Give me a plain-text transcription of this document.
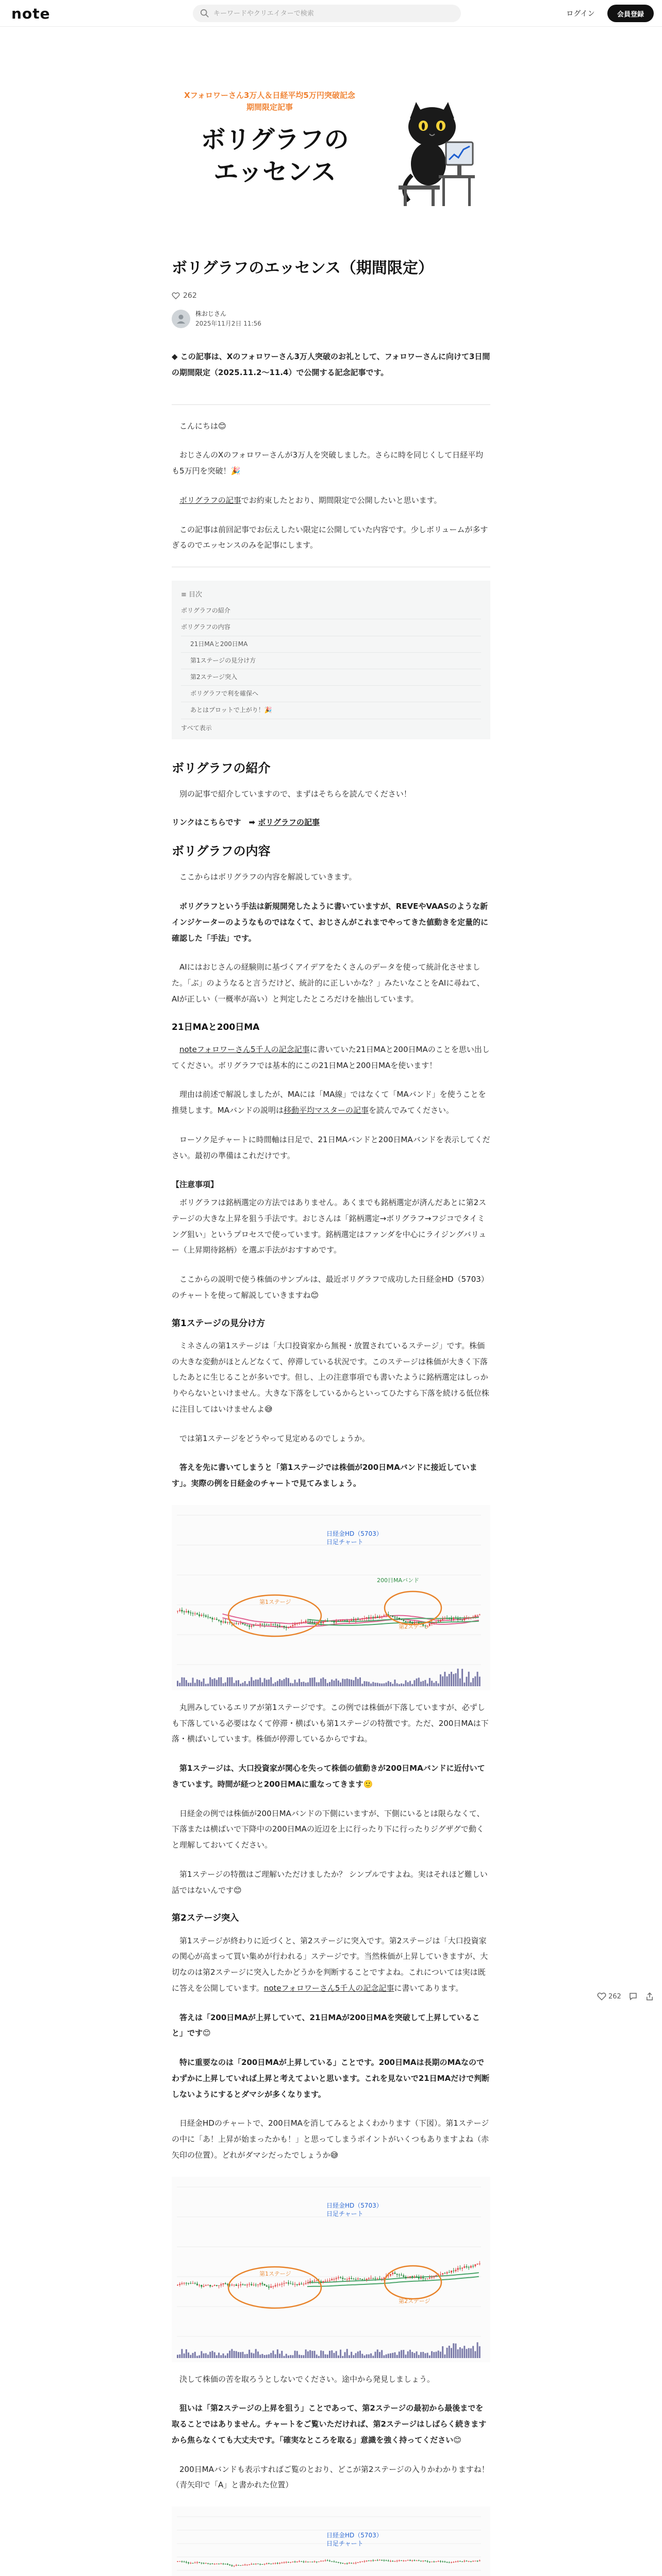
note
キーワードやクリエイターで検索	ログイン	会員登録
Xフォロワーさん3万人＆日経平均5万円突破記念
期間限定記事
ボリグラフの
エッセンス
ボリグラフのエッセンス（期間限定）
262
株おじさん
2025年11月2日 11:56

◆ この記事は、Xのフォロワーさん3万人突破のお礼として、フォロワーさんに向けて3日間の期間限定（2025.11.2〜11.4）で公開する記念記事です。

こんにちは😊

おじさんのXのフォロワーさんが3万人を突破しました。さらに時を同じくして日経平均も5万円を突破！🎉

ボリグラフの記事でお約束したとおり、期間限定で公開したいと思います。

この記事は前回記事でお伝えしたい限定に公開していた内容です。少しボリュームが多すぎるのでエッセンスのみを記事にします。

≡ 目次
ボリグラフの紹介
ボリグラフの内容
21日MAと200日MA
第1ステージの見分け方
第2ステージ突入
ボリグラフで利を確保へ
あとはプロットで上がり！🎉
すべて表示
ボリグラフの紹介

別の記事で紹介していますので、まずはそちらを読んでください！

リンクはこちらです　➡ ボリグラフの記事

ボリグラフの内容

ここからはボリグラフの内容を解説していきます。

ボリグラフという手法は新規開発したように書いていますが、REVEやVAASのような新インジケーターのようなものではなくて、おじさんがこれまでやってきた値動きを定量的に確認した「手法」です。

AIにはおじさんの経験則に基づくアイデアをたくさんのデータを使って統計化させました。「ぶ」のようなると言うだけど、統計的に正しいかな？」みたいなことをAIに尋ねて、AIが正しい（一概率が高い）と判定したところだけを抽出しています。

21日MAと200日MA

noteフォロワーさん5千人の記念記事に書いていた21日MAと200日MAのことを思い出してください。ボリグラフでは基本的にこの21日MAと200日MAを使います！

理由は前述で解説しましたが、MAには「MA線」ではなくて「MAバンド」を使うことを推奨します。MAバンドの説明は移動平均マスターの記事を読んでみてください。

ローソク足チャートに時間軸は日足で、21日MAバンドと200日MAバンドを表示してください。最初の準備はこれだけです。

【注意事項】

ボリグラフは銘柄選定の方法ではありません。あくまでも銘柄選定が済んだあとに第2ステージの大きな上昇を狙う手法です。おじさんは「銘柄選定→ボリグラフ→フジコでタイミング狙い」というプロセスで使っています。銘柄選定はファンダを中心にライジングバリュー（上昇期待銘柄）を選ぶ手法がおすすめです。

ここからの説明で使う株価のサンプルは、最近ボリグラフで成功した日経金HD（5703）のチャートを使って解説していきますね😊

第1ステージの見分け方

ミネさんの第1ステージは「大口投資家から無視・放置されているステージ」です。株価の大きな変動がほとんどなくて、停滞している状況です。このステージは株価が大きく下落したあとに生じることが多いです。但し、上の注意事項でも書いたように銘柄選定はしっかりやらないといけません。大きな下落をしているからといってひたすら下落を続ける低位株に注目してはいけませんよ😅

では第1ステージをどうやって見定めるのでしょうか。

答えを先に書いてしまうと「第1ステージでは株価が200日MAバンドに接近しています」。実際の例を日経金のチャートで見てみましょう。

日経金HD（5703）
日足チャート
200日MAバンド
第1ステージ
第2ステージ

丸囲みしているエリアが第1ステージです。この例では株価が下落していますが、必ずしも下落している必要はなくて停滞・横ばいも第1ステージの特徴です。ただ、200日MAは下落・横ばいしています。株価が停滞しているからですね。

第1ステージは、大口投資家が関心を失って株価の値動きが200日MAバンドに近付いてきています。時間が経つと200日MAに重なってきます🙂

日経金の例では株価が200日MAバンドの下側にいますが、下側にいるとは限らなくて、下落または横ばいで下降中の200日MAの近辺を上に行ったり下に行ったりジグザグで動くと理解しておいてください。

第1ステージの特徴はご理解いただけましたか？ シンプルですよね。実はそれほど難しい話ではないんです😊

第2ステージ突入

第1ステージが終わりに近づくと、第2ステージに突入です。第2ステージは「大口投資家の関心が高まって買い集めが行われる」ステージです。当然株価が上昇していきますが、大切なのは第2ステージに突入したかどうかを判断することですよね。これについては実は既に答えを公開しています。noteフォロワーさん5千人の記念記事に書いてあります。

答えは「200日MAが上昇していて、21日MAが200日MAを突破して上昇していること」です😊

特に重要なのは「200日MAが上昇している」ことです。200日MAは長期のMAなのでわずかに上昇していれば上昇と考えてよいと思います。これを見ないで21日MAだけで判断しないようにするとダマシが多くなります。

日経金HDのチャートで、200日MAを消してみるとよくわかります（下図）。第1ステージの中に「あ！上昇が始まったかも！」と思ってしまうポイントがいくつもありますよね（赤矢印の位置）。どれがダマシだったでしょうか😅

日経金HD（5703）
日足チャート
第1ステージ
第2ステージ

決して株価の苦を取ろうとしないでください。途中から発見しましょう。

狙いは「第2ステージの上昇を狙う」ことであって、第2ステージの最初から最後までを取ることではありません。チャートをご覧いただければ、第2ステージはしばらく続きますから焦らなくても大丈夫です。「確実なところを取る」意識を強く持ってください😊

200日MAバンドも表示すればご覧のとおり、どこが第2ステージの入りかわかりますね！（青矢印で「A」と書かれた位置）

日経金HD（5703）
日足チャート
262
